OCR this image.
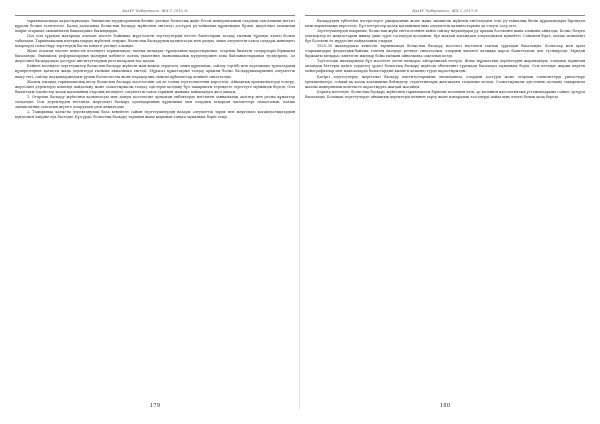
ҚазҰУ Хабаршысы. ЖХ 1.2013 №

тарихнамасында қарастырылады. Әкімшілік-территориялық бөлініс ретінде болыстық жүйе Ресей империясының отарлық саясатының негізгі құралы болып есептеледі. Қазақ даласында болыстық басқару жүйесінің енгізілуі дәстүрлі ру-тайпалық құрылымды бұзып, жергілікті халықтың өмірін отаршыл әкімшіліктің бақылауына бағындырды.

Дәл осы тұрғыда жоғарыда аталған мәселе бойынша жүргізілген зерттеулердің негізгі бағыттарын талдау ғылыми тұрғыда өзекті болып табылады. Тарихнамалық материалдарды жүйелей отырып, болыстық басқарудың қалыптасуы мен дамуы, оның әлеуметтік-саяси салдары жөніндегі пікірлерді салыстыру зерттеудің басты міндеті ретінде алынды.

Жеке аталған мәселе кеңестік кезеңдегі тарихнамада таптық көзқарас тұрғысынан қарастырылып, отарлық биліктің салдарлары біржақты бағаланды. Әкімшілік реформалардың мазмұны көбінесе патша үкіметінің экономикалық мүдделерімен ғана байланыстырылып түсіндірілді, ал жергілікті басқарудағы дәстүрлі институттардың рөлі назардан тыс қалды.

Кейінгі кезеңдегі зерттеушілер болыстық басқару жүйесін жан-жақты зерделеп, оның құрылымы, сайлау тәртібі мен лауазымды тұлғалардың құзыреттеріне қатысты жаңа деректерді ғылыми айналымға енгізді. Мұрағат құжаттарын талдау арқылы болыс басқарушыларының әлеуметтік шығу тегі, сайлау науқандарындағы рулық бәсекелестік және парақорлық сияқты құбылыстар кеңінен сипатталды.

Жалпы алғанда тарихнамалық шолу болыстық басқару мәселесінің әлі де толық зерттелмегенін көрсетеді. Аймақтық ерекшеліктерді ескеру, жергілікті деректерді кешенді пайдалану және салыстырмалы талдау әдістерін қолдану бұл тақырыпты тереңдете зерттеуге мүмкіндік береді. Осы бағыттағы ізденістер қазақ қоғамының отарлық кезеңдегі әлеуметтік-саяси тарихын жаңаша пайымдауға жол ашады.

1. Отарлық басқару жүйесінің қалыптасуы мен дамуы мәселесіне арналған еңбектерде негізінен заңнамалық актілер мен ресми құжаттар талданды. Осы деректердің негізінде жергілікті басқару органдарының құрылымы мен олардың атқарған қызметтері сипатталып, патша әкімшілігінің саясатын жүзеге асырудағы рөлі анықталды.

2. Тақырыпқа қатысты деректанулық база кеңейген сайын зерттеушілердің назары әлеуметтік тарих пен жергілікті қоғамдастықтардың күнделікті өміріне ауа бастады. Бұл үрдіс болыстық басқару тарихын жаңа қырынан тануға мүмкіндік беріп отыр.

179
ҚазҰУ Хабаршысы. ЖХ 1.2013 №

басқарудың түбегейлі өзгерістерге ұшырағанын және жаңа әкімшілік жүйенің енгізілуімен ескі ру-тайпалық билік құрылымдары біртіндеп ығыстырылғанын көрсетеді. Бұл өзгерістер қазақ қоғамының ішкі әлеуметтік қатынастарына да елеулі әсер етті.

Зерттеушілердің пікірінше, болыстық жүйе енгізілгеннен кейін сайлау науқандары ру аралық бәсекенің жаңа алаңына айналды. Болыс болуға үміткерлер өз жақтастарын жинау үшін түрлі тәсілдерді қолданып, бұл жағдай қоғамдағы алауыздықты күшейтті. Сонымен бірге, патша әкімшілігі бұл бәсекені өз мүддесіне пайдаланып отырды.

1920–30 жылдардағы кеңестік тарихнамада болыстық басқару мәселесі негізінен таптық тұрғыдан бағаланды. Болыстар мен ауыл старшындары феодалдық-байлық топтың өкілдері ретінде сипатталып, олардың қызметі халыққа қарсы бағытталған деп түсіндірілді. Мұндай біржақты көзқарас көптеген жылдар бойы ғылыми айналымда сақталып келді.

Тәуелсіздік жылдарында бұл мәселеге деген көзқарас айтарлықтай өзгерді. Жаңа мұрағаттық деректердің жариялануы, отандық тарихтың ақтаңдақ беттерін қайта зерделеу үрдісі болыстық басқару жүйесін объективті тұрғыдан бағалауға мүмкіндік берді. Осы кезеңде жарық көрген монографиялар мен мақалаларда болыстардың қызметі кешенді түрде қарастырылды.

Қазіргі зерттеулерде жергілікті басқару институттарының эволюциясы, олардың дәстүрлі және отарлық элементтерді ұштастыру ерекшеліктері, сондай-ақ қазақ қоғамының бейімделу стратегиялары жан-жақты талданып келеді. Салыстырмалы әдістемені қолдану тақырыпты жалпы империялық контексте қарастыруға жағдай жасайды.

Қорыта келгенде, болыстық басқару жүйесінің тарихнамасы бірнеше кезеңнен өтіп, әр кезеңнің идеологиялық ұстанымдарына сәйкес әртүрлі бағаланды. Болашақ зерттеулерде аймақтық деректерді кеңінен тарту және пәнаралық тәсілдерді пайдалану өзекті болып қала береді.

180
